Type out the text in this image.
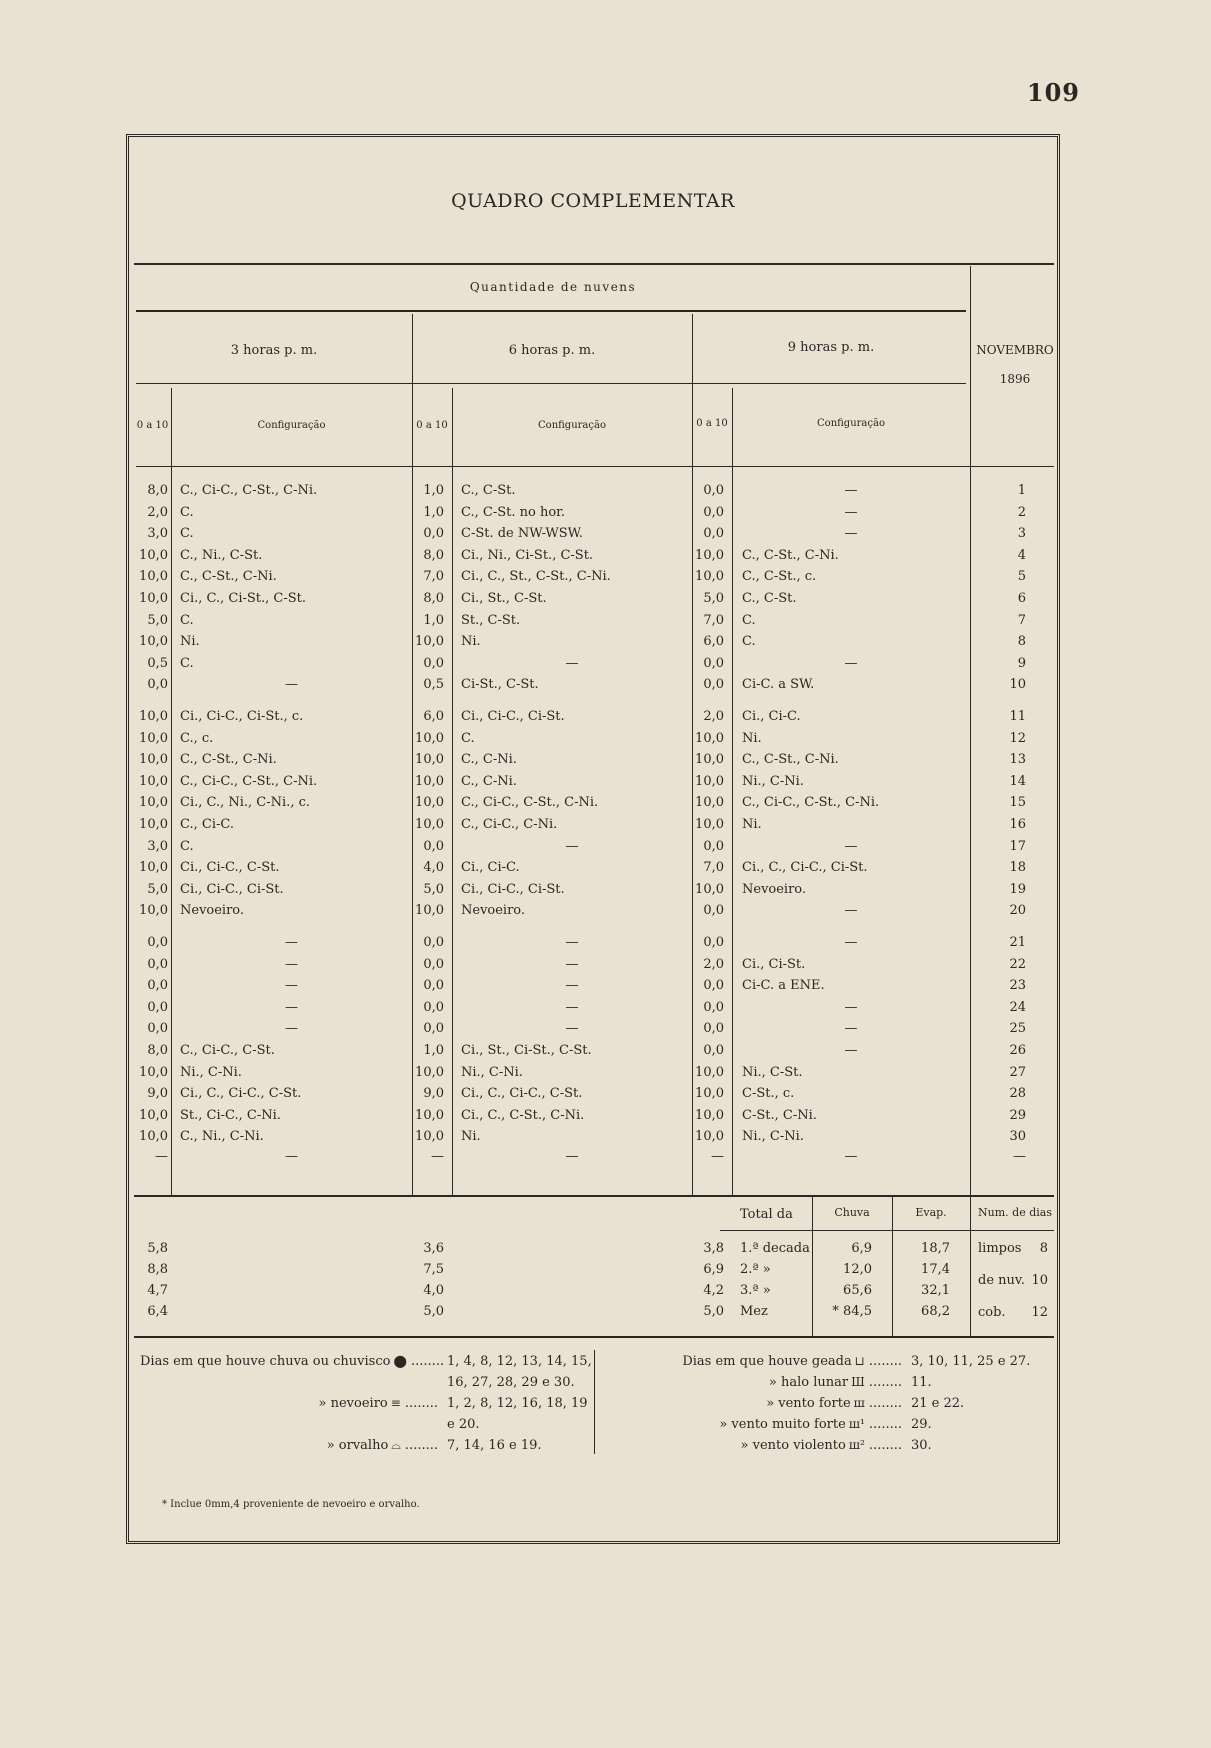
109
QUADRO COMPLEMENTAR
Quantidade de nuvens
3 horas p. m.	6 horas p. m.	9 horas p. m.	NOVEMBRO
1896
0 a 10	Configuração	0 a 10	Configuração	0 a 10	Configuração
8,0 C., Ci-C., C-St., C-Ni.	1,0 C., C-St.	0,0	—	1
2,0 C.	1,0 C., C-St. no hor.	0,0	—	2
3,0 C.	0,0 C-St. de NW-WSW.	0,0	—	3
10,0 C., Ni., C-St.	8,0 Ci., Ni., Ci-St., C-St.	10,0 C., C-St., C-Ni.	4
10,0 C., C-St., C-Ni.	7,0 Ci., C., St., C-St., C-Ni.	10,0 C., C-St., c.	5
10,0 Ci., C., Ci-St., C-St.	8,0 Ci., St., C-St.	5,0 C., C-St.	6
5,0 C.	1,0 St., C-St.	7,0 C.	7
10,0 Ni.	10,0 Ni.	6,0 C.	8
0,5 C.	0,0	—	0,0	—	9
0,0	—	0,5 Ci-St., C-St.	0,0 Ci-C. a SW.	10
10,0 Ci., Ci-C., Ci-St., c.	6,0 Ci., Ci-C., Ci-St.	2,0 Ci., Ci-C.	11
10,0 C., c.	10,0 C.	10,0 Ni.	12
10,0 C., C-St., C-Ni.	10,0 C., C-Ni.	10,0 C., C-St., C-Ni.	13
10,0 C., Ci-C., C-St., C-Ni.	10,0 C., C-Ni.	10,0 Ni., C-Ni.	14
10,0 Ci., C., Ni., C-Ni., c.	10,0 C., Ci-C., C-St., C-Ni.	10,0 C., Ci-C., C-St., C-Ni.	15
10,0 C., Ci-C.	10,0 C., Ci-C., C-Ni.	10,0 Ni.	16
3,0 C.	0,0	—	0,0	—	17
10,0 Ci., Ci-C., C-St.	4,0 Ci., Ci-C.	7,0 Ci., C., Ci-C., Ci-St.	18
5,0 Ci., Ci-C., Ci-St.	5,0 Ci., Ci-C., Ci-St.	10,0 Nevoeiro.	19
10,0 Nevoeiro.	10,0 Nevoeiro.	0,0	—	20
0,0	—	0,0	—	0,0	—	21
0,0	—	0,0	—	2,0 Ci., Ci-St.	22
0,0	—	0,0	—	0,0 Ci-C. a ENE.	23
0,0	—	0,0	—	0,0	—	24
0,0	—	0,0	—	0,0	—	25
8,0 C., Ci-C., C-St.	1,0 Ci., St., Ci-St., C-St.	0,0	—	26
10,0 Ni., C-Ni.	10,0 Ni., C-Ni.	10,0 Ni., C-St.	27
9,0 Ci., C., Ci-C., C-St.	9,0 Ci., C., Ci-C., C-St.	10,0 C-St., c.	28
10,0 St., Ci-C., C-Ni.	10,0 Ci., C., C-St., C-Ni.	10,0 C-St., C-Ni.	29
10,0 C., Ni., C-Ni.	10,0 Ni.	10,0 Ni., C-Ni.	30
—	—	—	—	—	—	—
Total da	Chuva	Evap.	Num. de dias
5,8	3,6	3,8 1.ª decada	6,9	18,7
8,8	7,5	6,9 2.ª »	12,0	17,4
4,7	4,0	4,2 3.ª »	65,6	32,1
6,4	5,0	5,0 Mez	* 84,5	68,2
limpos	8
de nuv. 10
cob.	12
Dias em que houve chuva ou chuvisco ⬤ ........ 1, 4, 8, 12, 13, 14, 15,
16, 27, 28, 29 e 30.
» nevoeiro ≡ ........ 1, 2, 8, 12, 16, 18, 19
e 20.
» orvalho ⌓ ........ 7, 14, 16 e 19.
Dias em que houve geada ⊔ ........ 3, 10, 11, 25 e 27.
» halo lunar Ш ........ 11.
» vento forte ш ........ 21 e 22.
» vento muito forte ш¹ ........ 29.
» vento violento ш² ........ 30.
* Inclue 0mm,4 proveniente de nevoeiro e orvalho.
